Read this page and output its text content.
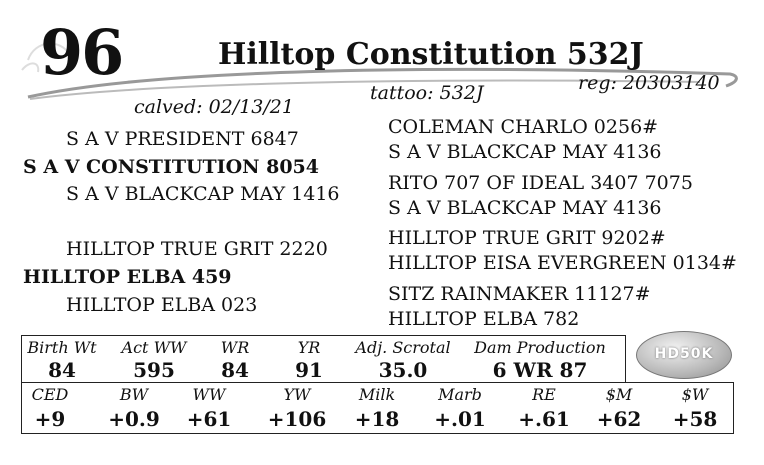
96	Hilltop Constitution 532J
reg: 20303140
tattoo: 532J
calved: 02/13/21
S A V PRESIDENT 6847
S A V CONSTITUTION 8054
S A V BLACKCAP MAY 1416
HILLTOP TRUE GRIT 2220
HILLTOP ELBA 459
HILLTOP ELBA 023
COLEMAN CHARLO 0256#
S A V BLACKCAP MAY 4136
RITO 707 OF IDEAL 3407 7075
S A V BLACKCAP MAY 4136
HILLTOP TRUE GRIT 9202#
HILLTOP EISA EVERGREEN 0134#
SITZ RAINMAKER 11127#
HILLTOP ELBA 782
Birth Wt	Act WW	WR	YR	Adj. Scrotal	Dam Production
84	595	84	91	35.0	6 WR 87
HD50K
CED	BW	WW	YW	Milk	Marb	RE	$M	$W
+9	+0.9	+61	+106	+18	+.01	+.61	+62	+58
